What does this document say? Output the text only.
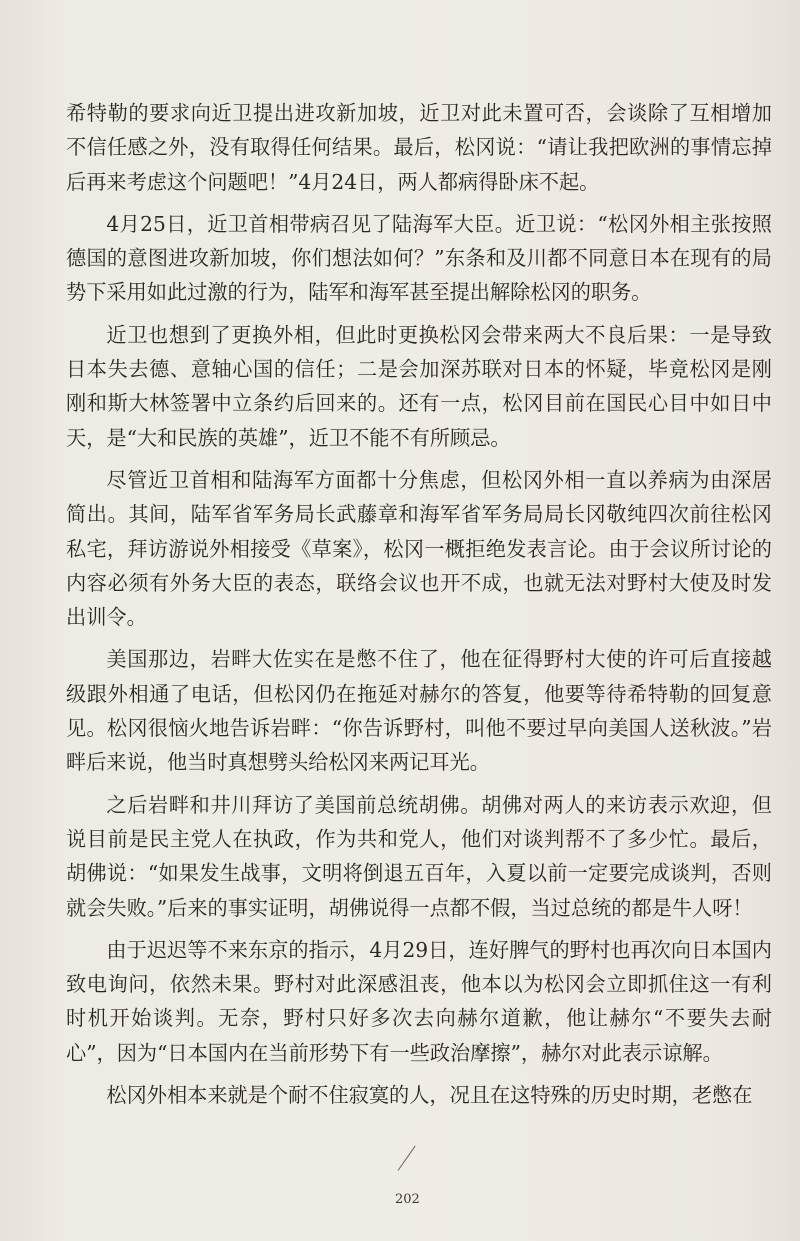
希特勒的要求向近卫提出进攻新加坡，近卫对此未置可否，会谈除了互相增加不信任感之外，没有取得任何结果。最后，松冈说：“请让我把欧洲的事情忘掉后再来考虑这个问题吧！”4月24日，两人都病得卧床不起。

4月25日，近卫首相带病召见了陆海军大臣。近卫说：“松冈外相主张按照德国的意图进攻新加坡，你们想法如何？”东条和及川都不同意日本在现有的局势下采用如此过激的行为，陆军和海军甚至提出解除松冈的职务。

近卫也想到了更换外相，但此时更换松冈会带来两大不良后果：一是导致日本失去德、意轴心国的信任；二是会加深苏联对日本的怀疑，毕竟松冈是刚刚和斯大林签署中立条约后回来的。还有一点，松冈目前在国民心目中如日中天，是“大和民族的英雄”，近卫不能不有所顾忌。

尽管近卫首相和陆海军方面都十分焦虑，但松冈外相一直以养病为由深居简出。其间，陆军省军务局长武藤章和海军省军务局局长冈敬纯四次前往松冈私宅，拜访游说外相接受《草案》，松冈一概拒绝发表言论。由于会议所讨论的内容必须有外务大臣的表态，联络会议也开不成，也就无法对野村大使及时发出训令。

美国那边，岩畔大佐实在是憋不住了，他在征得野村大使的许可后直接越级跟外相通了电话，但松冈仍在拖延对赫尔的答复，他要等待希特勒的回复意见。松冈很恼火地告诉岩畔：“你告诉野村，叫他不要过早向美国人送秋波。”岩畔后来说，他当时真想劈头给松冈来两记耳光。

之后岩畔和井川拜访了美国前总统胡佛。胡佛对两人的来访表示欢迎，但说目前是民主党人在执政，作为共和党人，他们对谈判帮不了多少忙。最后，胡佛说：“如果发生战事，文明将倒退五百年，入夏以前一定要完成谈判，否则就会失败。”后来的事实证明，胡佛说得一点都不假，当过总统的都是牛人呀！

由于迟迟等不来东京的指示，4月29日，连好脾气的野村也再次向日本国内致电询问，依然未果。野村对此深感沮丧，他本以为松冈会立即抓住这一有利时机开始谈判。无奈，野村只好多次去向赫尔道歉，他让赫尔“不要失去耐心”，因为“日本国内在当前形势下有一些政治摩擦”，赫尔对此表示谅解。

松冈外相本来就是个耐不住寂寞的人，况且在这特殊的历史时期，老憋在

202
